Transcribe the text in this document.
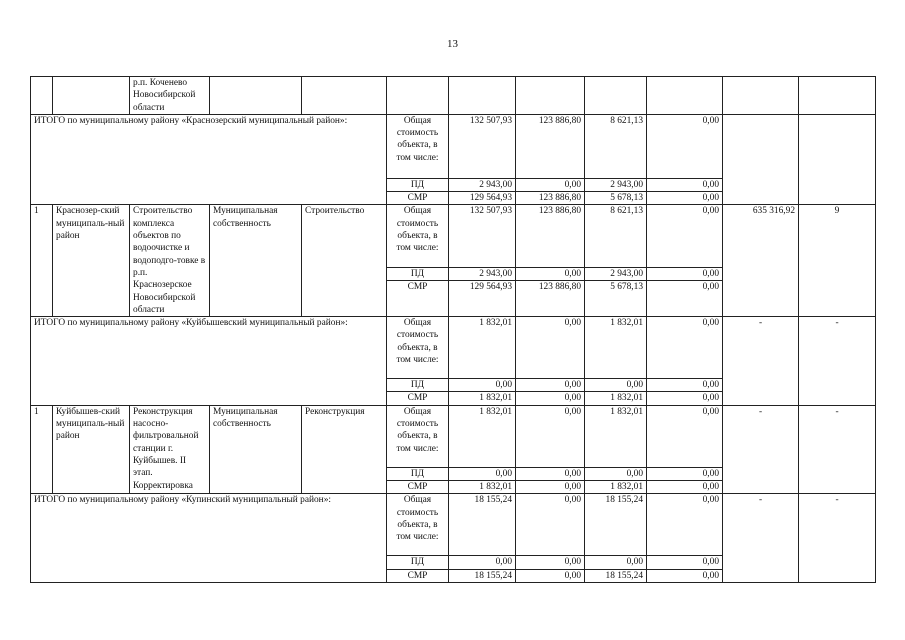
13
		р.п. Коченево Новосибирской области									
ИТОГО по муниципальному району «Краснозерский муниципальный район»:					Общая стоимость объекта, в том числе:	132 507,93	123 886,80	8 621,13	0,00		
					ПД	2 943,00	0,00	2 943,00	0,00		
					СМР	129 564,93	123 886,80	5 678,13	0,00		
1	Краснозер-ский муниципаль-ный район	Строительство комплекса объектов по водоочистке и водоподго-товке в р.п. Краснозерское Новосибирской области	Муниципальная собственность	Строительство	Общая стоимость объекта, в том числе:	132 507,93	123 886,80	8 621,13	0,00	635 316,92	9
					ПД	2 943,00	0,00	2 943,00	0,00		
					СМР	129 564,93	123 886,80	5 678,13	0,00		
ИТОГО по муниципальному району «Куйбышевский муниципальный район»:					Общая стоимость объекта, в том числе:	1 832,01	0,00	1 832,01	0,00	-	-
					ПД	0,00	0,00	0,00	0,00		
					СМР	1 832,01	0,00	1 832,01	0,00		
1	Куйбышев-ский муниципаль-ный район	Реконструкция насосно-фильтровальной станции г. Куйбышев. II этап. Корректировка	Муниципальная собственность	Реконструкция	Общая стоимость объекта, в том числе:	1 832,01	0,00	1 832,01	0,00	-	-
					ПД	0,00	0,00	0,00	0,00		
					СМР	1 832,01	0,00	1 832,01	0,00		
ИТОГО по муниципальному району «Купинский муниципальный район»:					Общая стоимость объекта, в том числе:	18 155,24	0,00	18 155,24	0,00	-	-
					ПД	0,00	0,00	0,00	0,00		
					СМР	18 155,24	0,00	18 155,24	0,00		
